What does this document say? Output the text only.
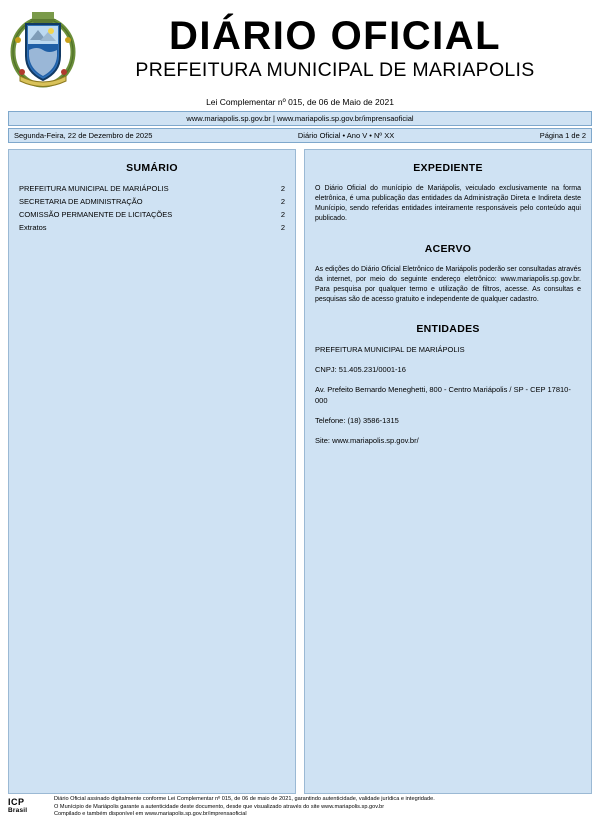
DIÁRIO OFICIAL
PREFEITURA MUNICIPAL DE MARIAPOLIS
Lei Complementar nº 015, de 06 de Maio de 2021
www.mariapolis.sp.gov.br | www.mariapolis.sp.gov.br/imprensaoficial
Segunda-Feira, 22 de Dezembro de 2025	Diário Oficial • Ano V • Nº XX	Página 1 de 2
SUMÁRIO
PREFEITURA MUNICIPAL DE MARIÁPOLIS	2
SECRETARIA DE ADMINISTRAÇÃO	2
COMISSÃO PERMANENTE DE LICITAÇÕES	2
Extratos	2
EXPEDIENTE

O Diário Oficial do munícipio de Mariápolis, veiculado exclusivamente na forma eletrônica, é uma publicação das entidades da Administração Direta e Indireta deste Munícipio, sendo referidas entidades inteiramente responsáveis pelo conteúdo aqui publicado.

ACERVO

As edições do Diário Oficial Eletrônico de Mariápolis poderão ser consultadas através da internet, por meio do seguinte endereço eletrônico: www.mariapolis.sp.gov.br. Para pesquisa por qualquer termo e utilização de filtros, acesse. As consultas e pesquisas são de acesso gratuito e independente de qualquer cadastro.

ENTIDADES
PREFEITURA MUNICIPAL DE MARIÁPOLIS
CNPJ: 51.405.231/0001-16
Av. Prefeito Bernardo Meneghetti, 800 - Centro Mariápolis / SP - CEP 17810-000
Telefone: (18) 3586-1315
Site: www.mariapolis.sp.gov.br/
ICP
Brasil
Diário Oficial assinado digitalmente conforme Lei Complementar nº 015, de 06 de maio de 2021, garantindo autenticidade, validade jurídica e integridade.
O Munícipio de Mariápolis garante a autenticidade deste documento, desde que visualizado através do site www.mariapolis.sp.gov.br
Compilado e também disponível em www.mariapolis.sp.gov.br/imprensaoficial
